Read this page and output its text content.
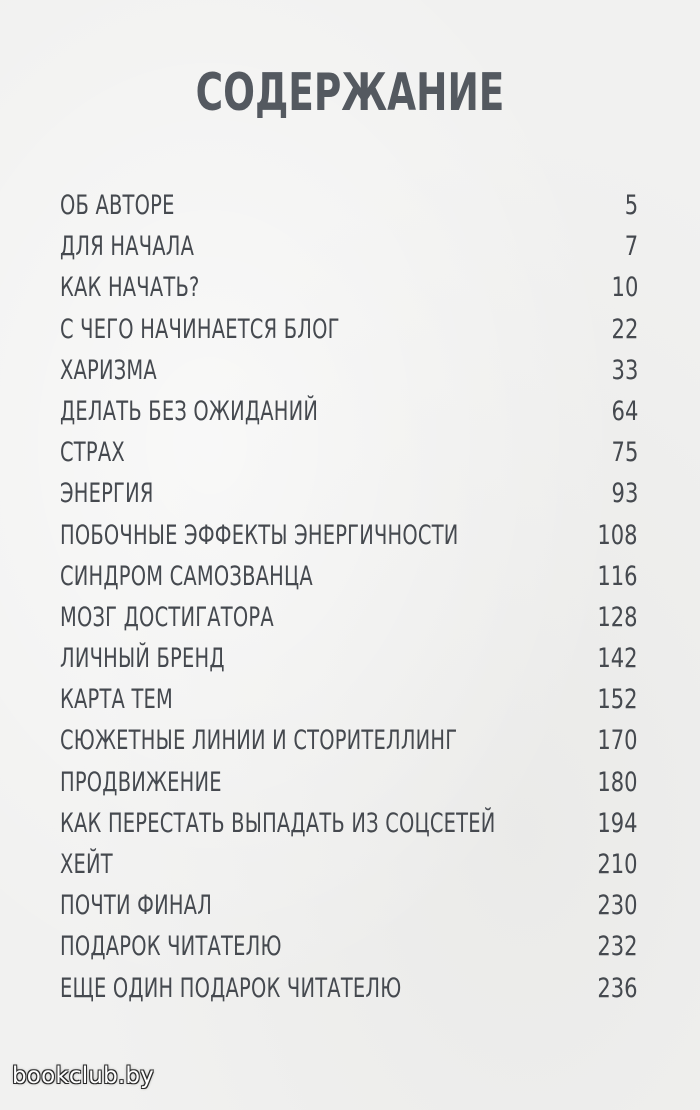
СОДЕРЖАНИЕ
ОБ АВТОРЕ	5
ДЛЯ НАЧАЛА	7
КАК НАЧАТЬ?	10
С ЧЕГО НАЧИНАЕТСЯ БЛОГ	22
ХАРИЗМА	33
ДЕЛАТЬ БЕЗ ОЖИДАНИЙ	64
СТРАХ	75
ЭНЕРГИЯ	93
ПОБОЧНЫЕ ЭФФЕКТЫ ЭНЕРГИЧНОСТИ	108
СИНДРОМ САМОЗВАНЦА	116
МОЗГ ДОСТИГАТОРА	128
ЛИЧНЫЙ БРЕНД	142
КАРТА ТЕМ	152
СЮЖЕТНЫЕ ЛИНИИ И СТОРИТЕЛЛИНГ	170
ПРОДВИЖЕНИЕ	180
КАК ПЕРЕСТАТЬ ВЫПАДАТЬ ИЗ СОЦСЕТЕЙ	194
ХЕЙТ	210
ПОЧТИ ФИНАЛ	230
ПОДАРОК ЧИТАТЕЛЮ	232
ЕЩЕ ОДИН ПОДАРОК ЧИТАТЕЛЮ	236
bookclub.by
